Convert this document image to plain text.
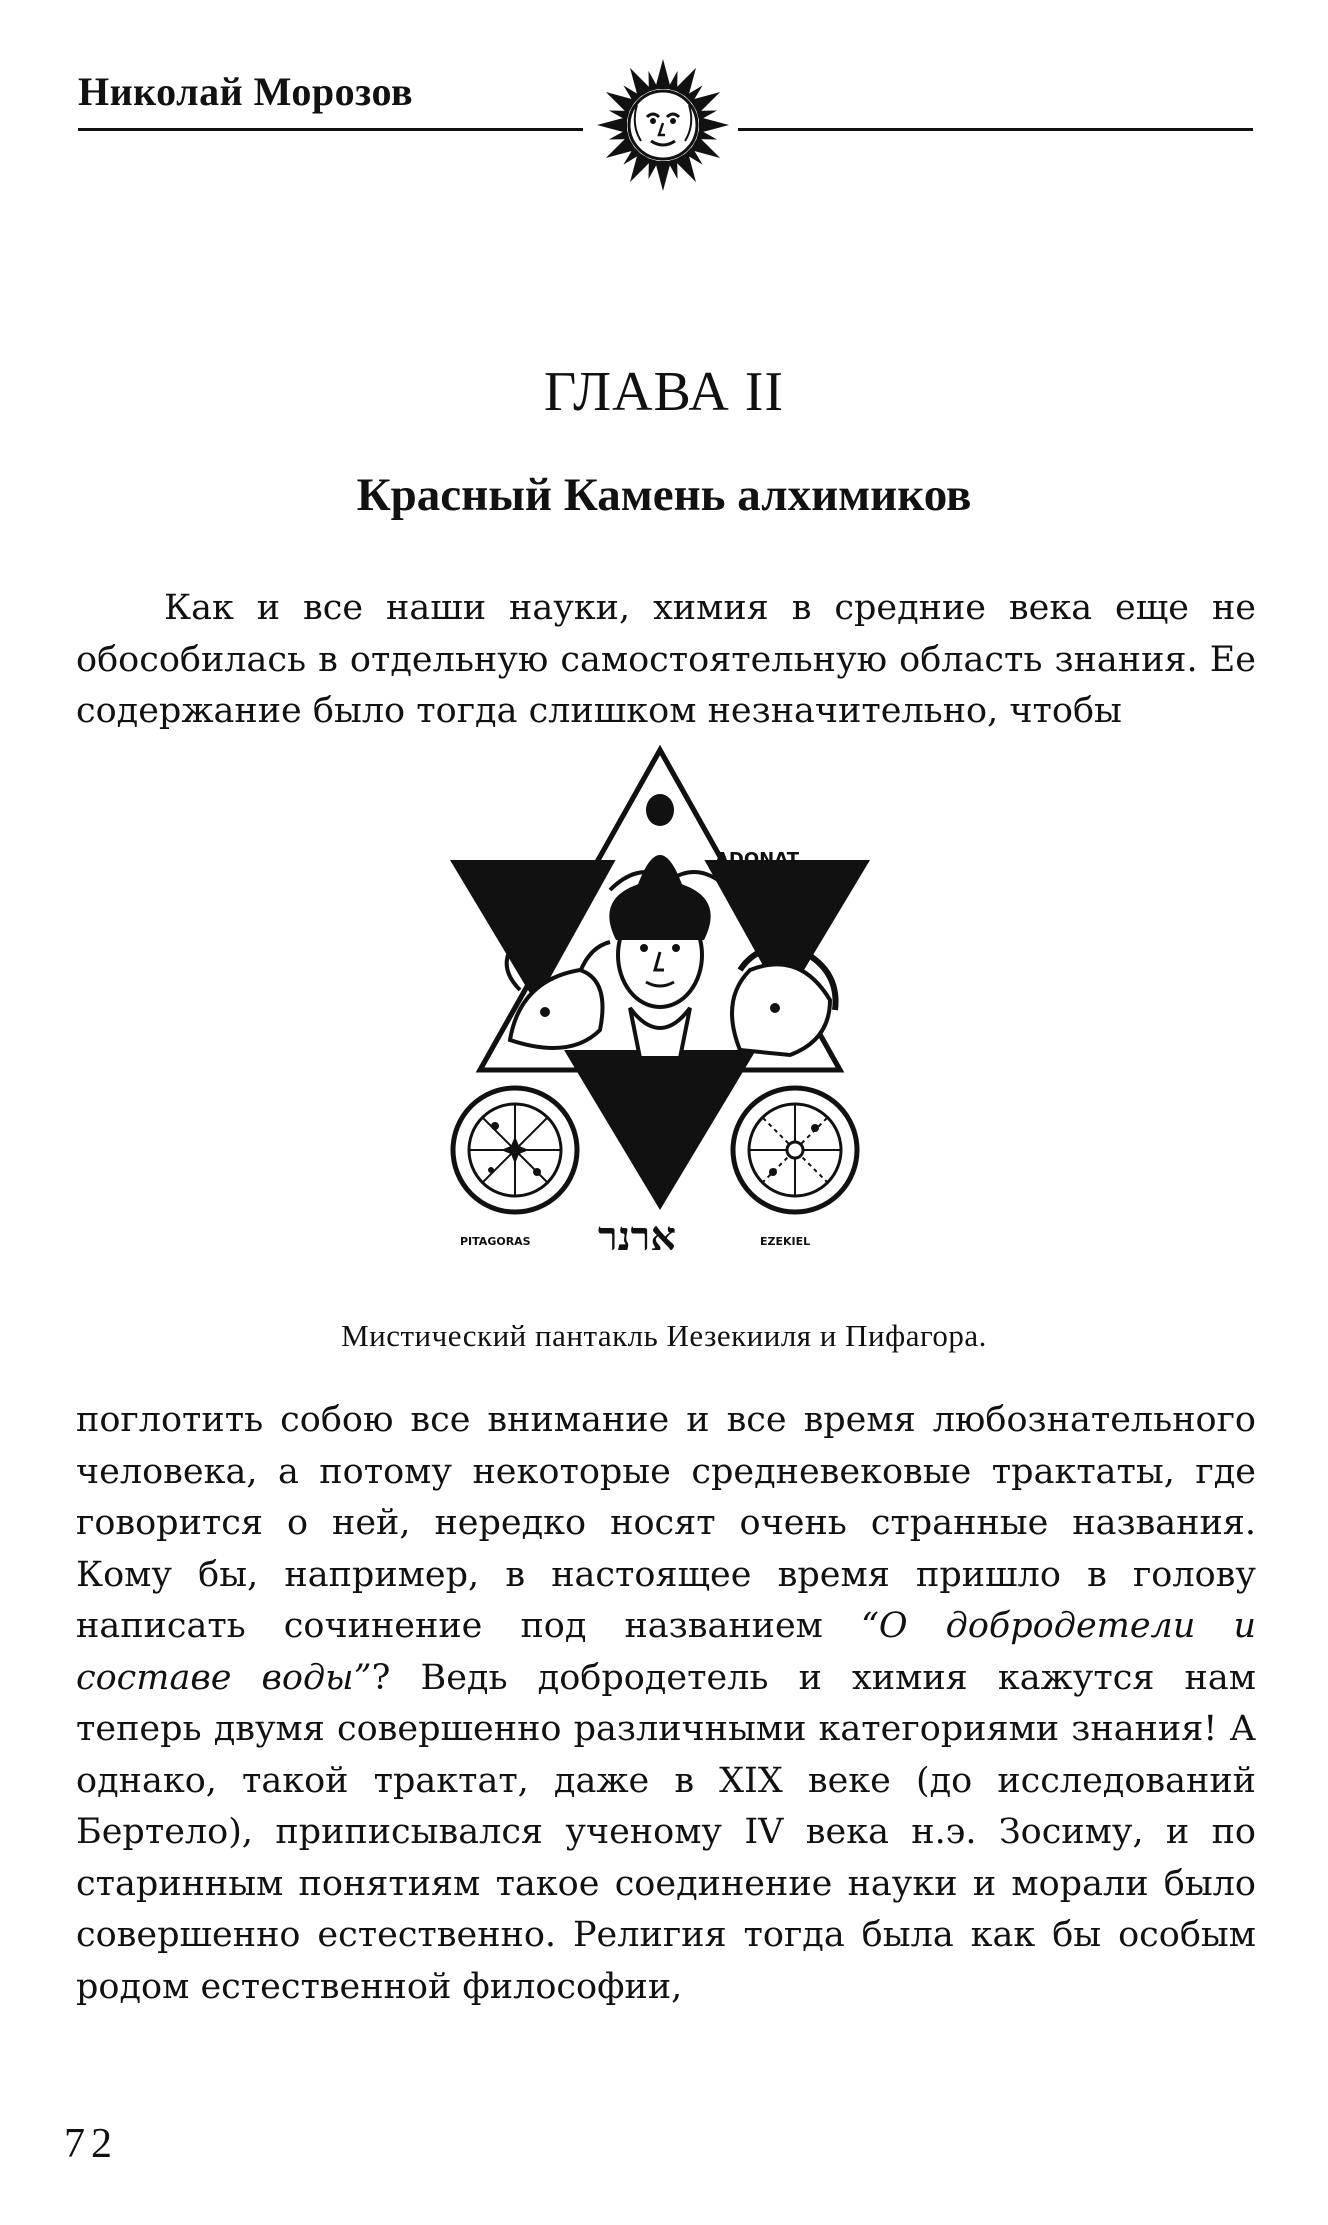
Николай Морозов
ГЛАВА II
Красный Камень алхимиков

Как и все наши науки, химия в средние века еще не обособилась в отдельную самостоятельную область знания. Ее содержание было тогда слишком незначительно, чтобы

ADONAT
PITAGORAS ארנר	EZEKIEL
Мистический пантакль Иезекииля и Пифагора.

поглотить собою все внимание и все время любознательного человека, а потому некоторые средневековые трактаты, где говорится о ней, нередко носят очень странные названия. Кому бы, например, в настоящее время пришло в голову написать сочинение под названием “О добродетели и составе воды”? Ведь добродетель и химия кажутся нам теперь двумя совершенно различными категориями знания! А однако, такой трактат, даже в XIX веке (до исследований Бертело), приписывался ученому IV века н.э. Зосиму, и по старинным понятиям такое соединение науки и морали было совершенно естественно. Религия тогда была как бы особым родом естественной философии,

72
